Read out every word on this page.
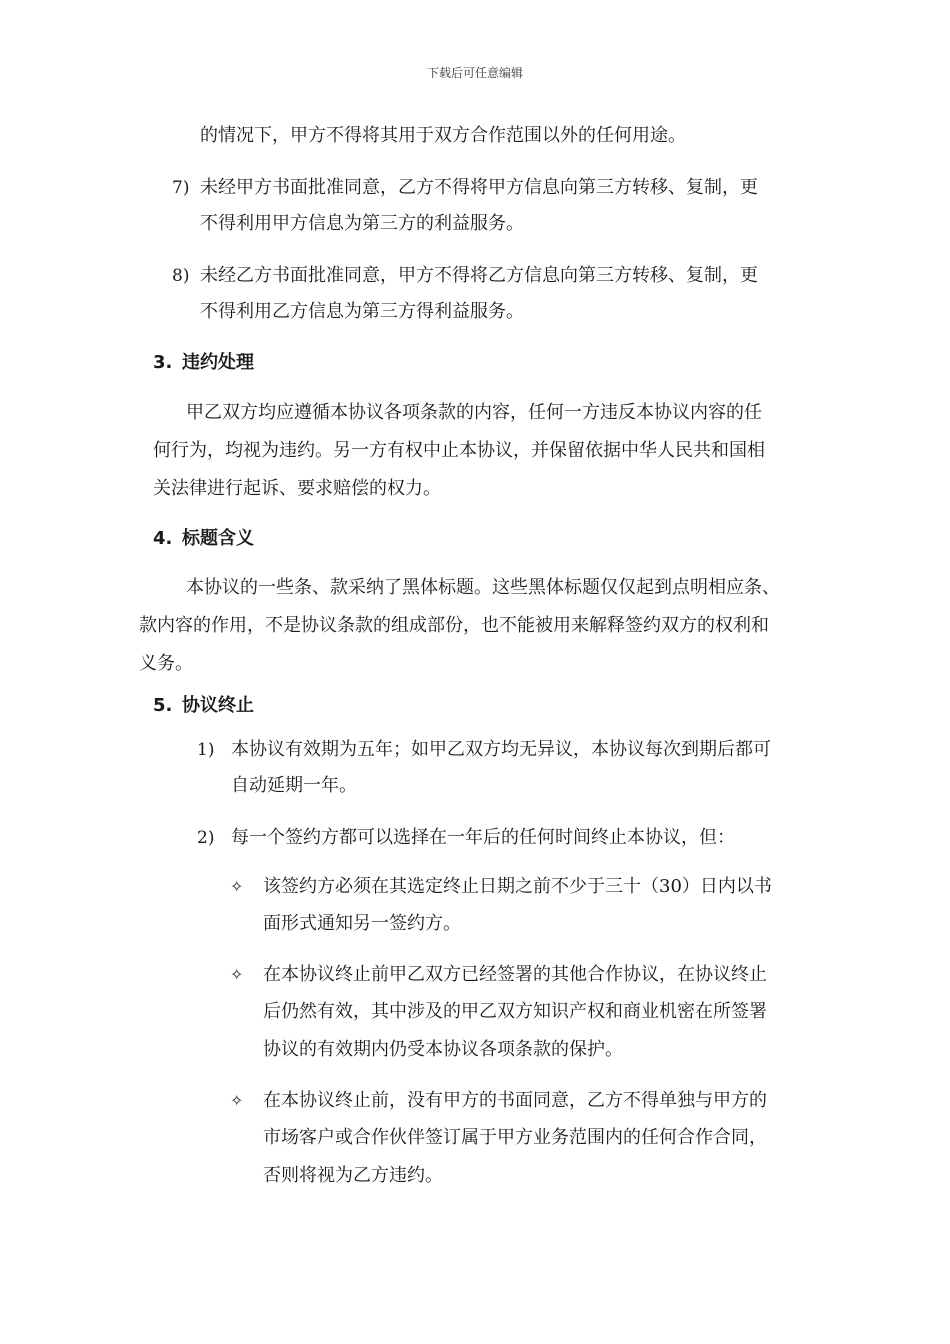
下载后可任意编辑
的情况下，甲方不得将其用于双方合作范围以外的任何用途。
7) 未经甲方书面批准同意，乙方不得将甲方信息向第三方转移、复制，更
不得利用甲方信息为第三方的利益服务。
8) 未经乙方书面批准同意，甲方不得将乙方信息向第三方转移、复制，更
不得利用乙方信息为第三方得利益服务。
3. 违约处理
甲乙双方均应遵循本协议各项条款的内容，任何一方违反本协议内容的任
何行为，均视为违约。另一方有权中止本协议，并保留依据中华人民共和国相
关法律进行起诉、要求赔偿的权力。
4. 标题含义
本协议的一些条、款采纳了黑体标题。这些黑体标题仅仅起到点明相应条、
款内容的作用，不是协议条款的组成部份，也不能被用来解释签约双方的权利和
义务。
5. 协议终止
1) 本协议有效期为五年；如甲乙双方均无异议，本协议每次到期后都可
自动延期一年。
2) 每一个签约方都可以选择在一年后的任何时间终止本协议，但：
✧ 该签约方必须在其选定终止日期之前不少于三十（30）日内以书
面形式通知另一签约方。
✧ 在本协议终止前甲乙双方已经签署的其他合作协议，在协议终止
后仍然有效，其中涉及的甲乙双方知识产权和商业机密在所签署
协议的有效期内仍受本协议各项条款的保护。
✧ 在本协议终止前，没有甲方的书面同意，乙方不得单独与甲方的
市场客户或合作伙伴签订属于甲方业务范围内的任何合作合同，
否则将视为乙方违约。
